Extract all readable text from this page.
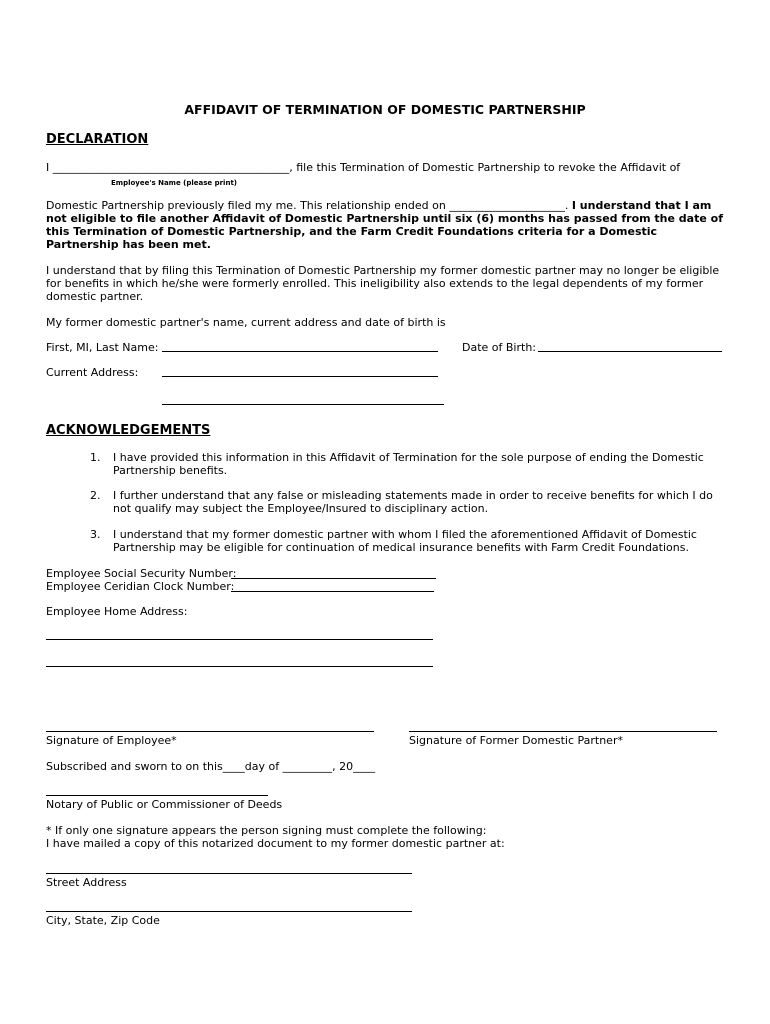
AFFIDAVIT OF TERMINATION OF DOMESTIC PARTNERSHIP
DECLARATION
I ___________________________________________, file this Termination of Domestic Partnership to revoke the Affidavit of
Employee's Name (please print)
Domestic Partnership previously filed my me. This relationship ended on _____________________. I understand that I am not eligible to file another Affidavit of Domestic Partnership until six (6) months has passed from the date of this Termination of Domestic Partnership, and the Farm Credit Foundations criteria for a Domestic Partnership has been met.
I understand that by filing this Termination of Domestic Partnership my former domestic partner may no longer be eligible for benefits in which he/she were formerly enrolled. This ineligibility also extends to the legal dependents of my former domestic partner.
My former domestic partner's name, current address and date of birth is
First, MI, Last Name:	Date of Birth:
Current Address:
ACKNOWLEDGEMENTS
1. I have provided this information in this Affidavit of Termination for the sole purpose of ending the Domestic Partnership benefits.
2. I further understand that any false or misleading statements made in order to receive benefits for which I do not qualify may subject the Employee/Insured to disciplinary action.
3. I understand that my former domestic partner with whom I filed the aforementioned Affidavit of Domestic Partnership may be eligible for continuation of medical insurance benefits with Farm Credit Foundations.
Employee Social Security Number:
Employee Ceridian Clock Number:
Employee Home Address:
Signature of Employee*	Signature of Former Domestic Partner*
Subscribed and sworn to on this____day of _________, 20____
Notary of Public or Commissioner of Deeds
* If only one signature appears the person signing must complete the following:
I have mailed a copy of this notarized document to my former domestic partner at:
Street Address
City, State, Zip Code
